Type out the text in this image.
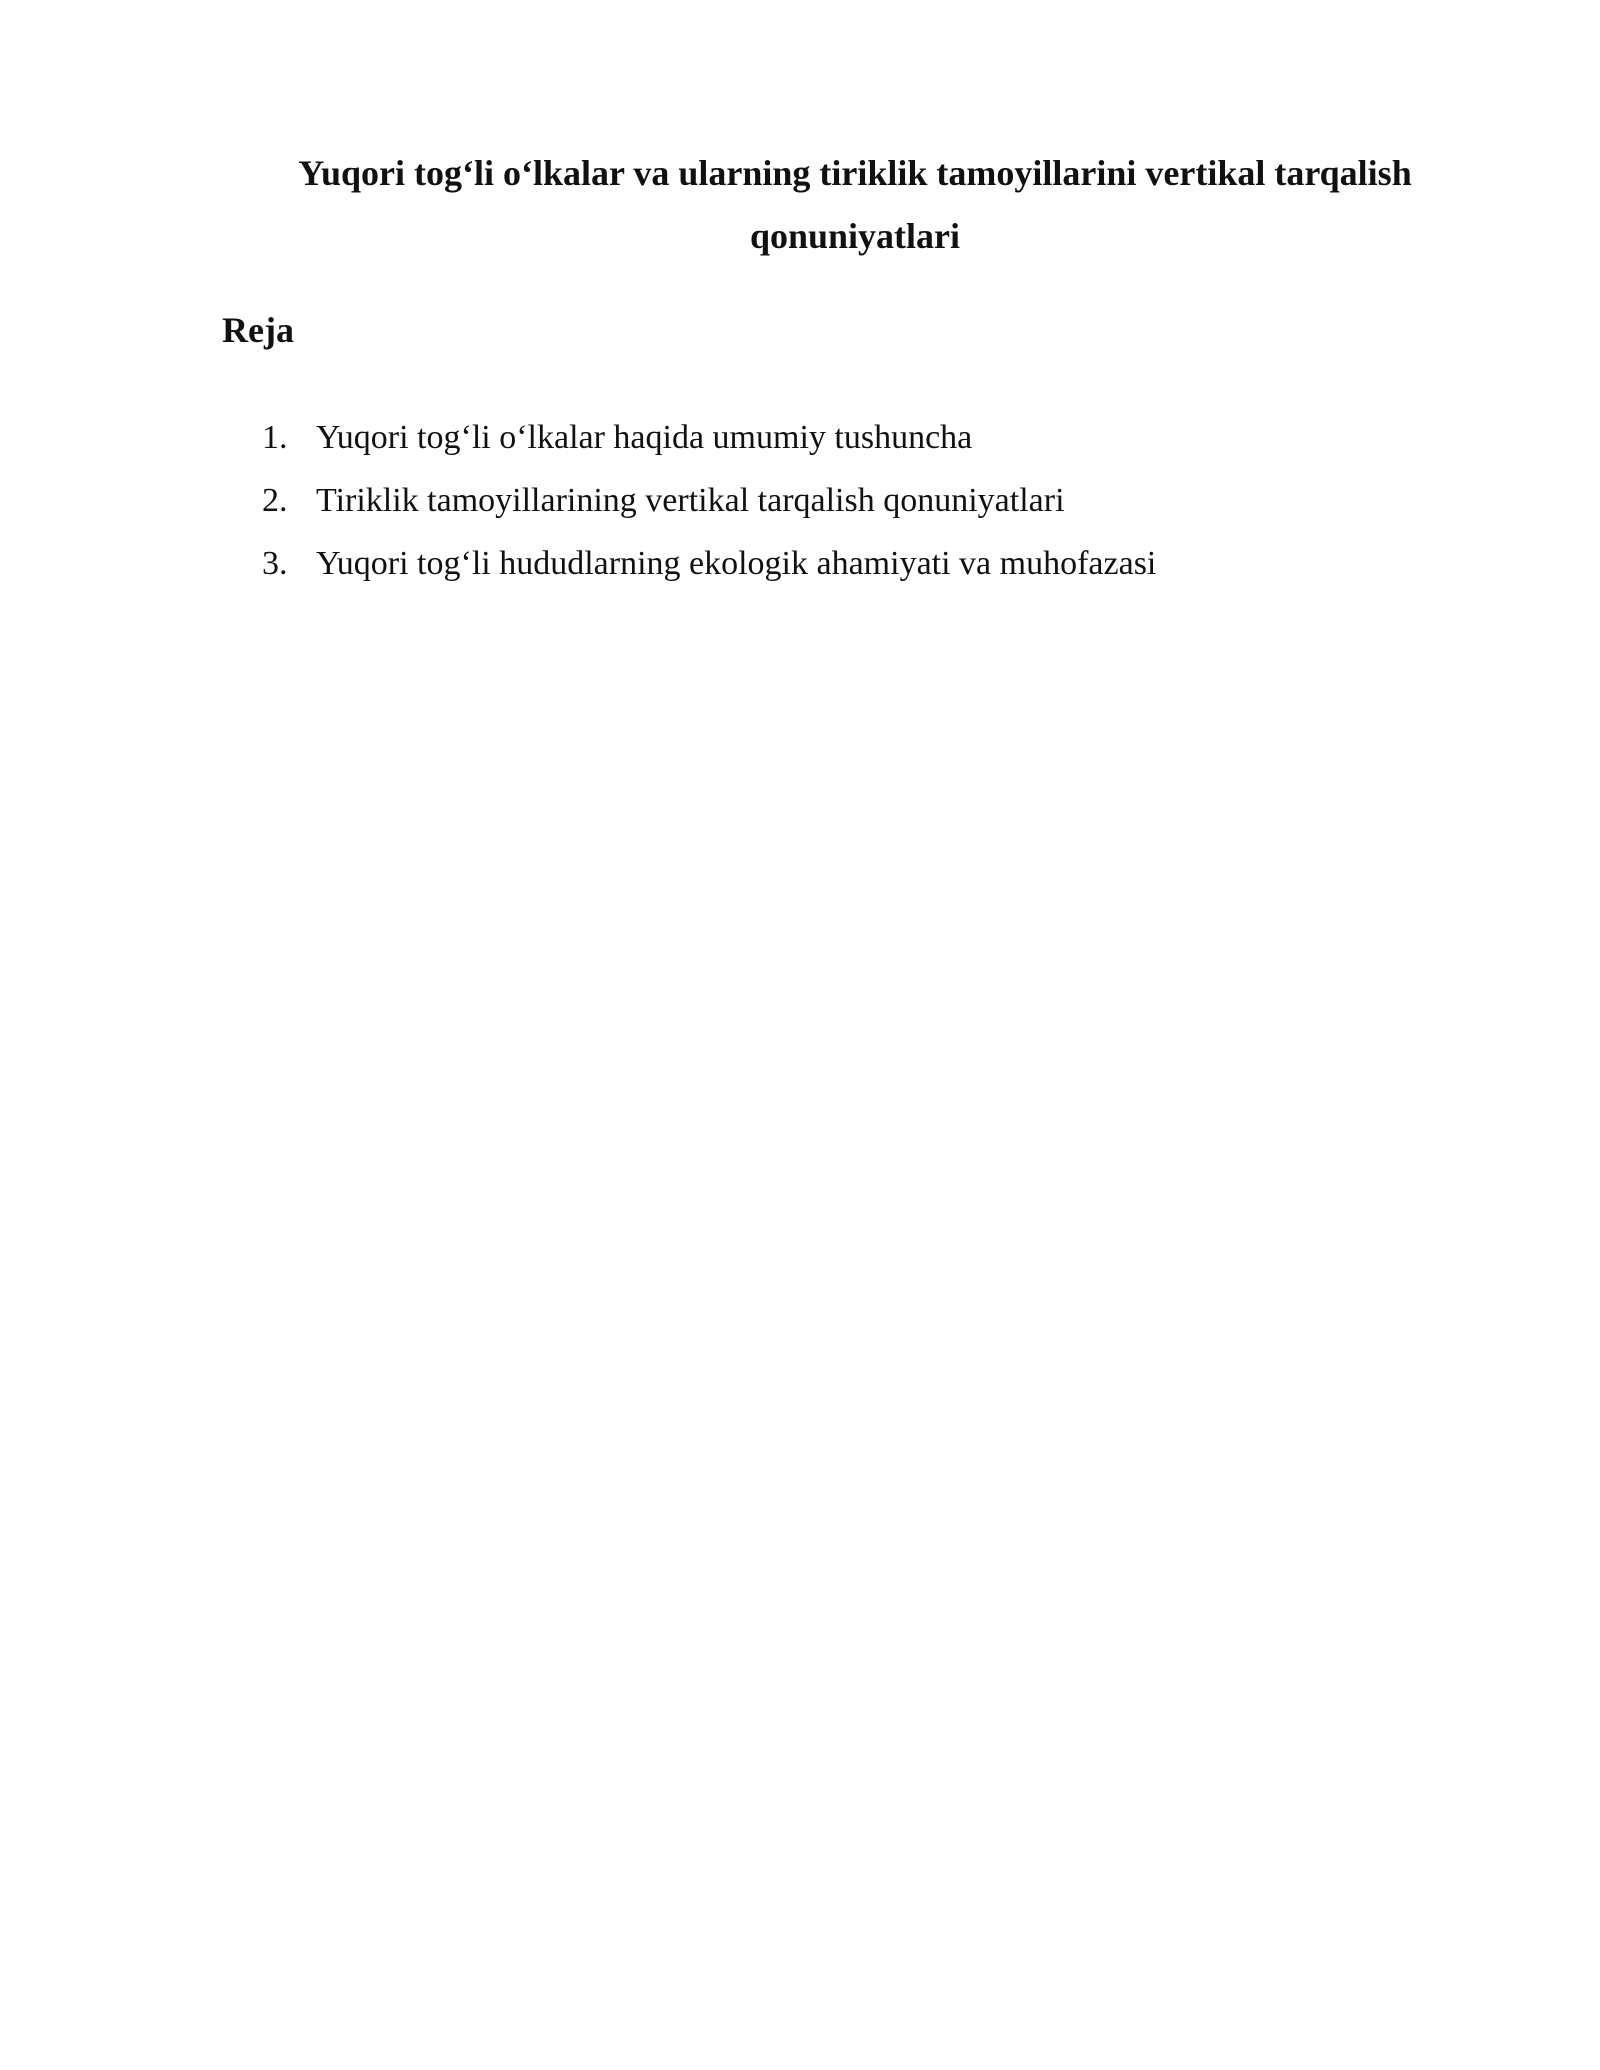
Yuqori tog‘li o‘lkalar va ularning tiriklik tamoyillarini vertikal tarqalish qonuniyatlari
Reja
1. Yuqori tog‘li o‘lkalar haqida umumiy tushuncha
2. Tiriklik tamoyillarining vertikal tarqalish qonuniyatlari
3. Yuqori tog‘li hududlarning ekologik ahamiyati va muhofazasi
